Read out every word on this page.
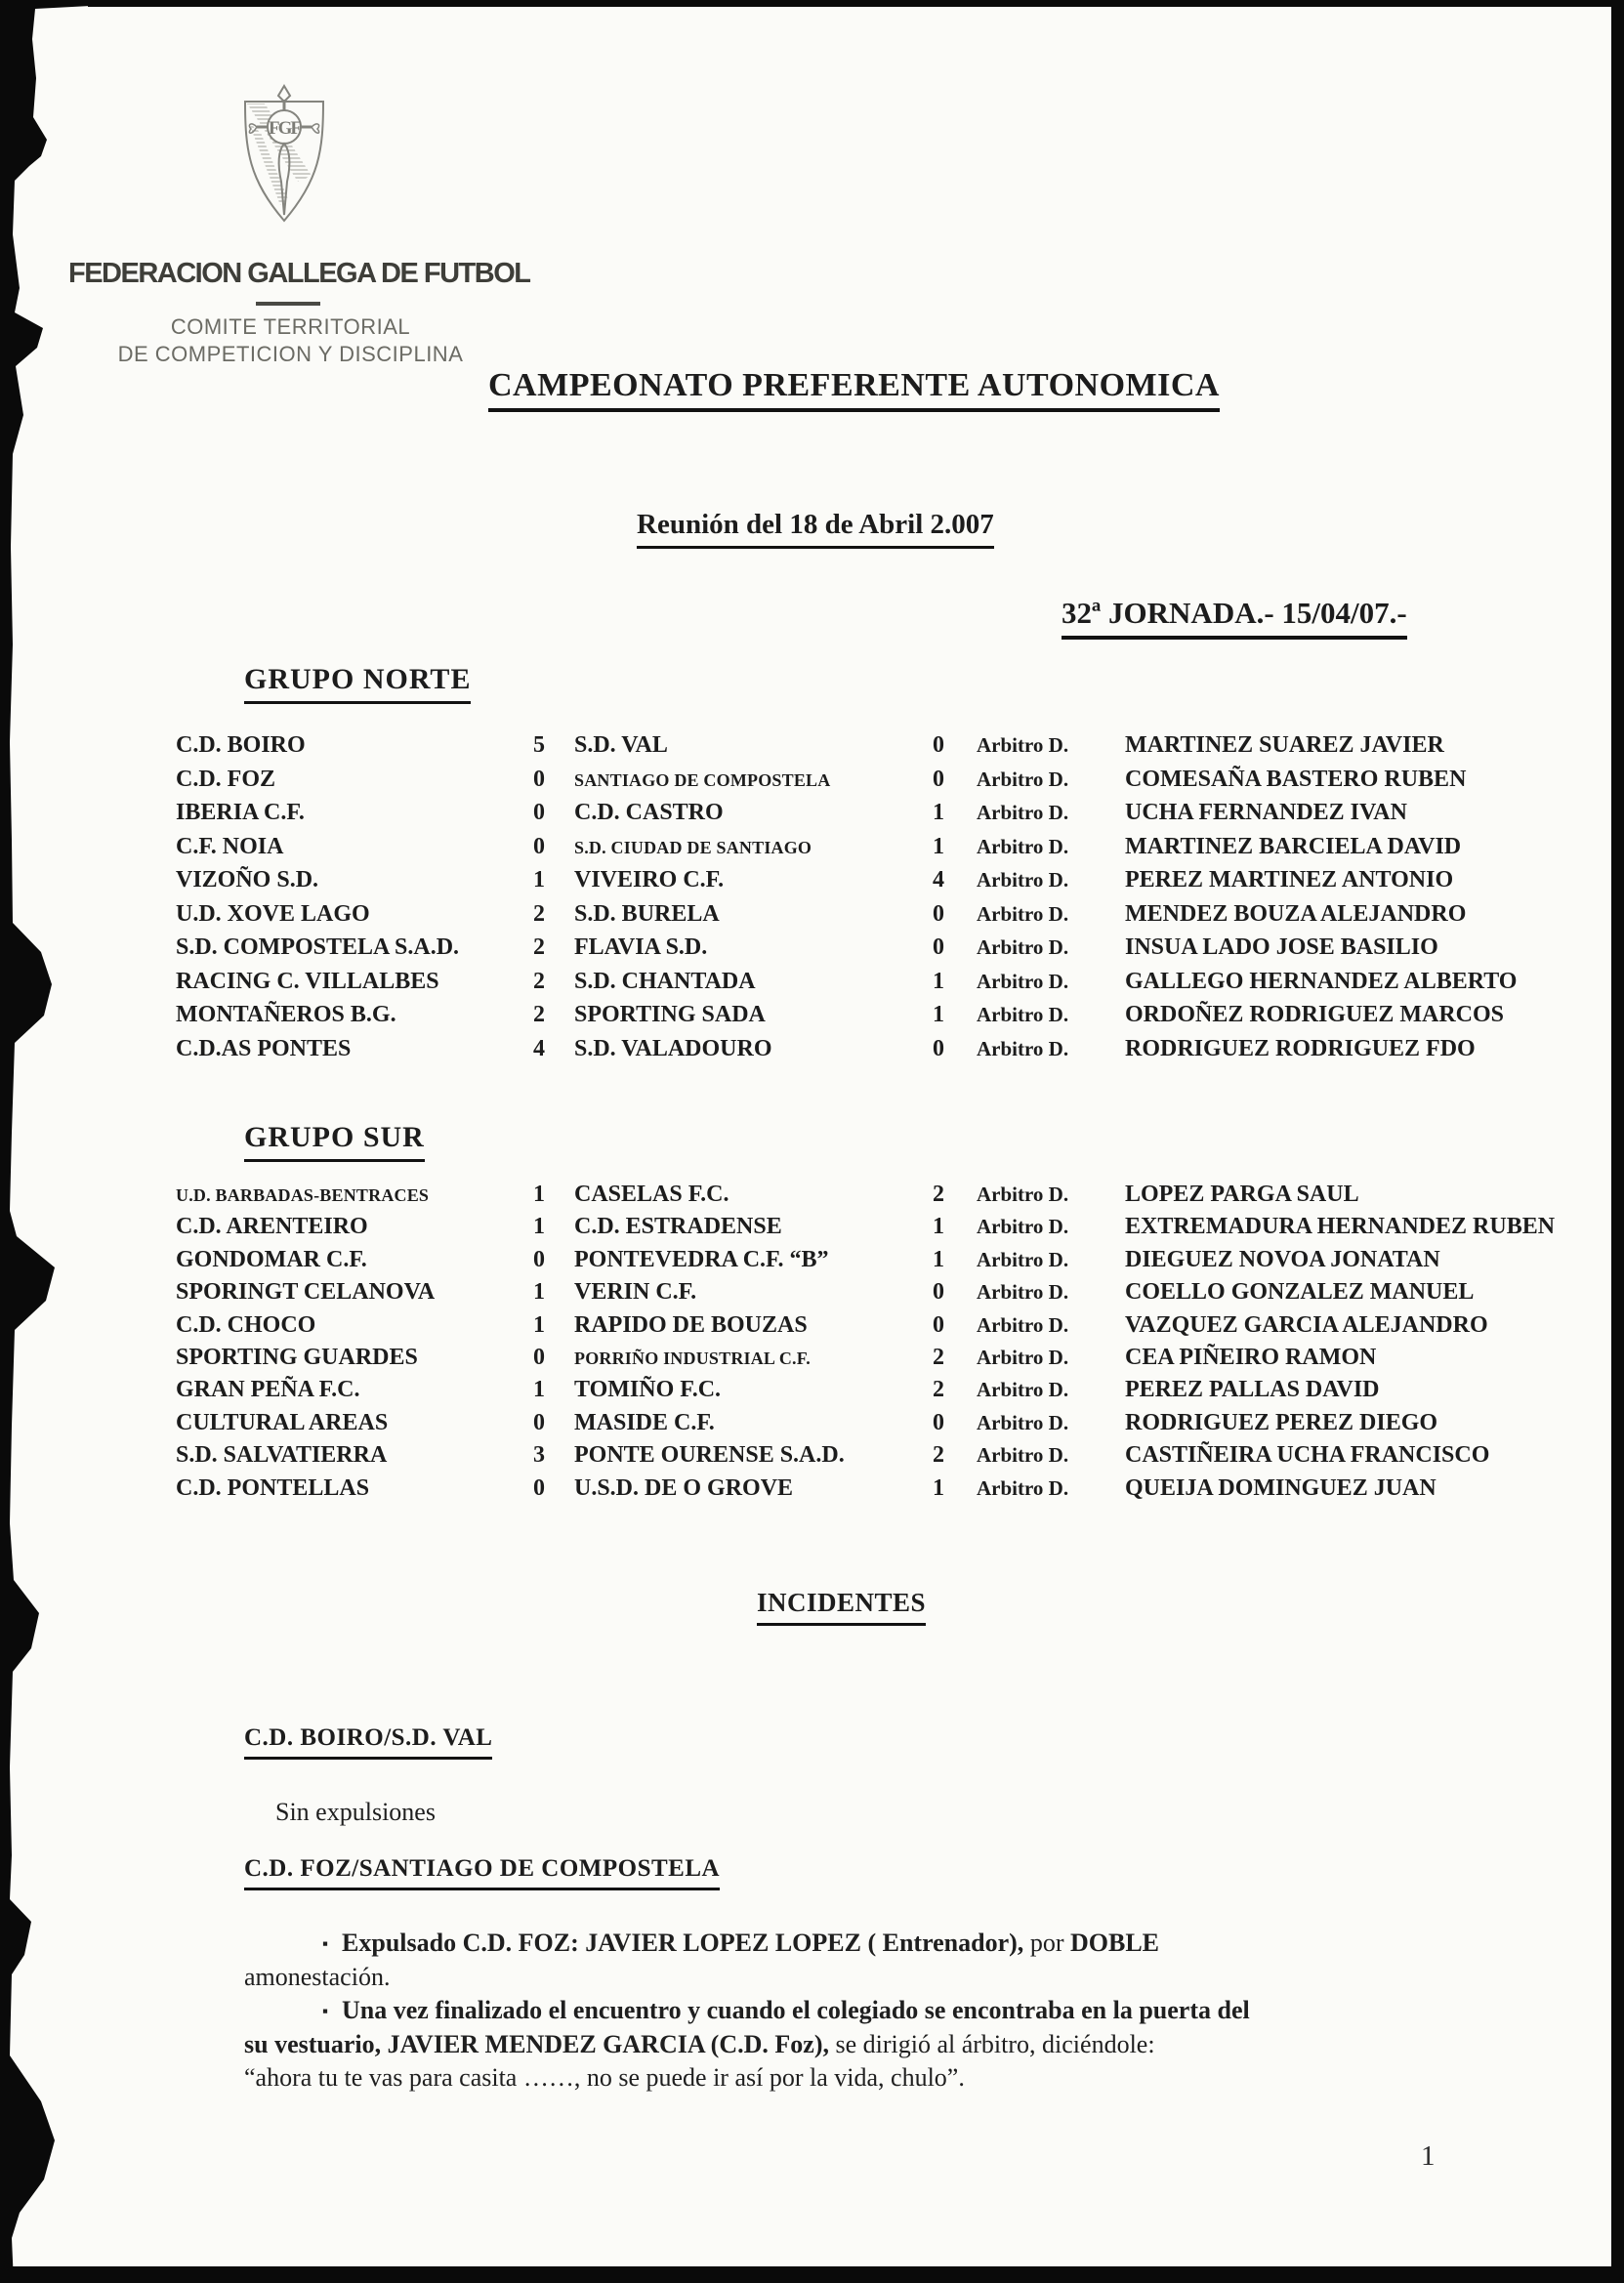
FGF
FEDERACION GALLEGA DE FUTBOL
COMITE TERRITORIAL
DE COMPETICION Y DISCIPLINA
CAMPEONATO PREFERENTE AUTONOMICA
Reunión del 18 de Abril 2.007
32ª JORNADA.- 15/04/07.-
GRUPO NORTE
C.D. BOIRO	5	S.D. VAL	0	Arbitro D.	MARTINEZ SUAREZ JAVIER
C.D. FOZ	0	SANTIAGO DE COMPOSTELA	0	Arbitro D.	COMESAÑA BASTERO RUBEN
IBERIA C.F.	0	C.D. CASTRO	1	Arbitro D.	UCHA FERNANDEZ IVAN
C.F. NOIA	0	S.D. CIUDAD DE SANTIAGO	1	Arbitro D.	MARTINEZ BARCIELA DAVID
VIZOÑO S.D.	1	VIVEIRO C.F.	4	Arbitro D.	PEREZ MARTINEZ ANTONIO
U.D. XOVE LAGO	2	S.D. BURELA	0	Arbitro D.	MENDEZ BOUZA ALEJANDRO
S.D. COMPOSTELA S.A.D.	2	FLAVIA S.D.	0	Arbitro D.	INSUA LADO JOSE BASILIO
RACING C. VILLALBES	2	S.D. CHANTADA	1	Arbitro D.	GALLEGO HERNANDEZ ALBERTO
MONTAÑEROS B.G.	2	SPORTING SADA	1	Arbitro D.	ORDOÑEZ RODRIGUEZ MARCOS
C.D.AS PONTES	4	S.D. VALADOURO	0	Arbitro D.	RODRIGUEZ RODRIGUEZ FDO
GRUPO SUR
U.D. BARBADAS-BENTRACES	1	CASELAS F.C.	2	Arbitro D.	LOPEZ PARGA SAUL
C.D. ARENTEIRO	1	C.D. ESTRADENSE	1	Arbitro D.	EXTREMADURA HERNANDEZ RUBEN
GONDOMAR C.F.	0	PONTEVEDRA C.F. “B”	1	Arbitro D.	DIEGUEZ NOVOA JONATAN
SPORINGT CELANOVA	1	VERIN C.F.	0	Arbitro D.	COELLO GONZALEZ MANUEL
C.D. CHOCO	1	RAPIDO DE BOUZAS	0	Arbitro D.	VAZQUEZ GARCIA ALEJANDRO
SPORTING GUARDES	0	PORRIÑO INDUSTRIAL C.F.	2	Arbitro D.	CEA PIÑEIRO RAMON
GRAN PEÑA F.C.	1	TOMIÑO F.C.	2	Arbitro D.	PEREZ PALLAS DAVID
CULTURAL AREAS	0	MASIDE C.F.	0	Arbitro D.	RODRIGUEZ PEREZ DIEGO
S.D. SALVATIERRA	3	PONTE OURENSE S.A.D.	2	Arbitro D.	CASTIÑEIRA UCHA FRANCISCO
C.D. PONTELLAS	0	U.S.D. DE O GROVE	1	Arbitro D.	QUEIJA DOMINGUEZ JUAN
INCIDENTES
C.D. BOIRO/S.D. VAL
Sin expulsiones
C.D. FOZ/SANTIAGO DE COMPOSTELA
▪ Expulsado C.D. FOZ: JAVIER LOPEZ LOPEZ ( Entrenador), por DOBLE
amonestación.
▪ Una vez finalizado el encuentro y cuando el colegiado se encontraba en la puerta del
su vestuario, JAVIER MENDEZ GARCIA (C.D. Foz), se dirigió al árbitro, diciéndole:
“ahora tu te vas para casita ……, no se puede ir así por la vida, chulo”.
1
